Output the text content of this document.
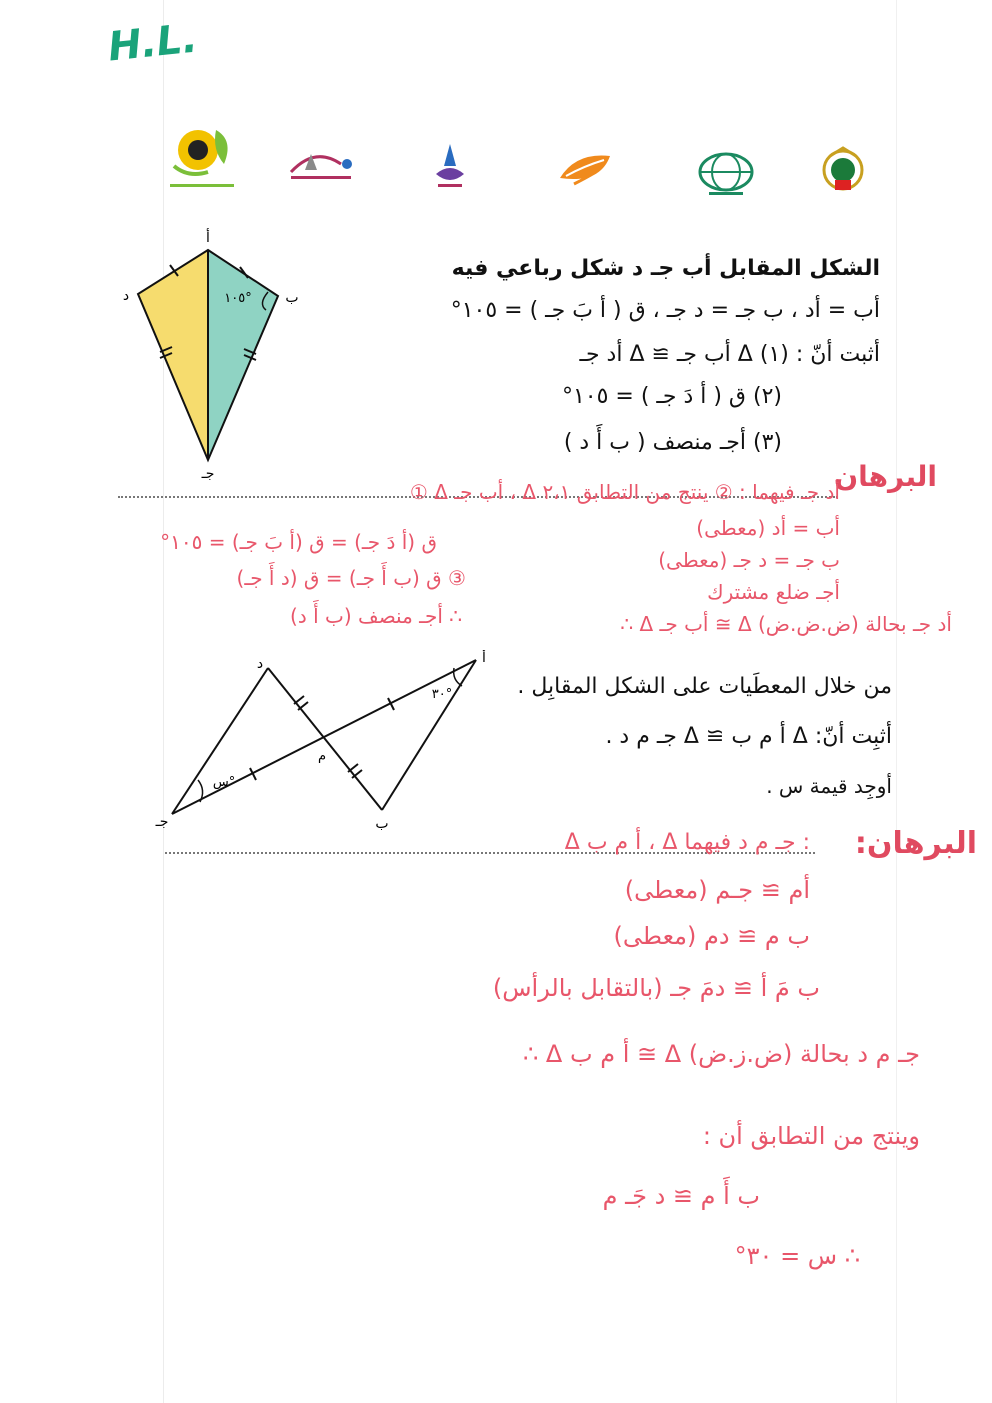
H.L.
أ
د	ب
جـ
١٠٥°
الشكل المقابل أب جـ د شكل رباعي فيه
أب = أد ، ب جـ = د جـ ، ق ( أ بَ جـ ) = ١٠٥°
أثبت أنّ : (١) Δ أب جـ ≅ Δ أد جـ
(٢) ق ( أ دَ جـ ) = ١٠٥°
(٣) أجـ منصف ( ب أَ د )
البرهان
① Δ أب جـ ، Δ أد جـ فيهما : ② ينتج من التطابق ٢،١
أب = أد (معطى)
ب جـ = د جـ (معطى)
أجـ ضلع مشترك
∴ Δ أب جـ ≅ Δ أد جـ بحالة (ض.ض.ض)
ق (أ دَ جـ) = ق (أ بَ جـ) = ١٠٥°
③ ق (ب أَ جـ) = ق (د أَ جـ)
∴ أجـ منصف (ب أَ د)
أ
ب
جـ
د
م
٣٠°
س°
من خلال المعطَيات على الشكل المقابِل .
أثبِت أنّ: Δ أ م ب ≅ Δ جـ م د .
أوجِد قيمة س .
البرهان:
Δ أ م ب ، Δ جـ م د فيهما :
أم ≅ جـم (معطى)
ب م ≅ دم (معطى)
ب مَ أ ≅ دمَ جـ (بالتقابل بالرأس)
∴ Δ أ م ب ≅ Δ جـ م د بحالة (ض.ز.ض)
وينتج من التطابق أن :
ب أَ م ≅ د جَـ م
∴ س = ٣٠°
